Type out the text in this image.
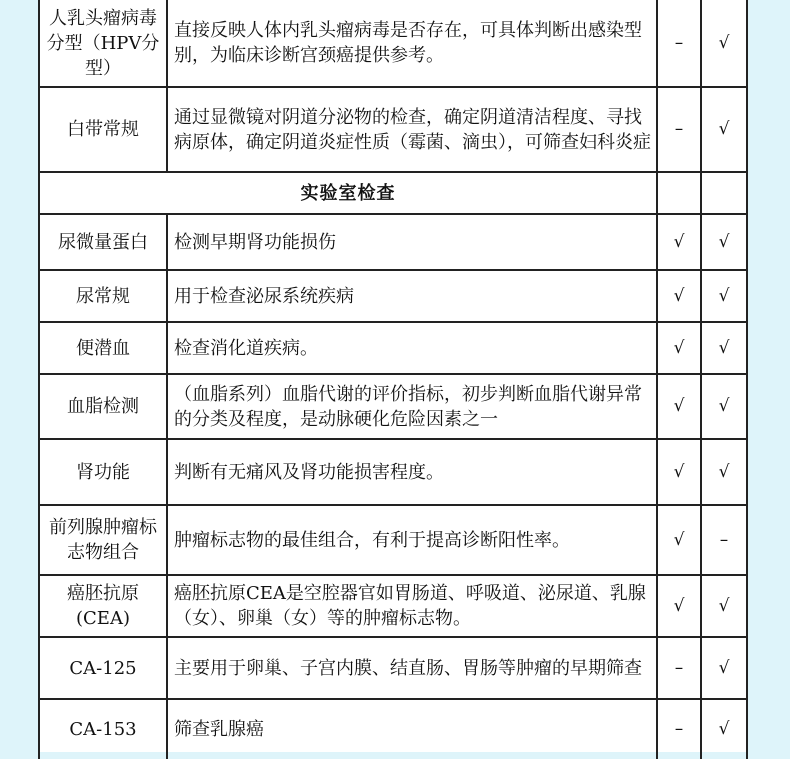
人乳头瘤病毒分型（HPV分型）	直接反映人体内乳头瘤病毒是否存在，可具体判断出感染型别，为临床诊断宫颈癌提供参考。	–	√
白带常规	通过显微镜对阴道分泌物的检查，确定阴道清洁程度、寻找病原体，确定阴道炎症性质（霉菌、滴虫），可筛查妇科炎症	–	√
实验室检查			
尿微量蛋白	检测早期肾功能损伤	√	√
尿常规	用于检查泌尿系统疾病	√	√
便潜血	检查消化道疾病。	√	√
血脂检测	（血脂系列）血脂代谢的评价指标，初步判断血脂代谢异常的分类及程度，是动脉硬化危险因素之一	√	√
肾功能	判断有无痛风及肾功能损害程度。	√	√
前列腺肿瘤标志物组合	肿瘤标志物的最佳组合，有利于提高诊断阳性率。	√	–
癌胚抗原(CEA)	癌胚抗原CEA是空腔器官如胃肠道、呼吸道、泌尿道、乳腺（女）、卵巢（女）等的肿瘤标志物。	√	√
CA-125	主要用于卵巢、子宫内膜、结直肠、胃肠等肿瘤的早期筛查	–	√
CA-153	筛查乳腺癌	–	√
